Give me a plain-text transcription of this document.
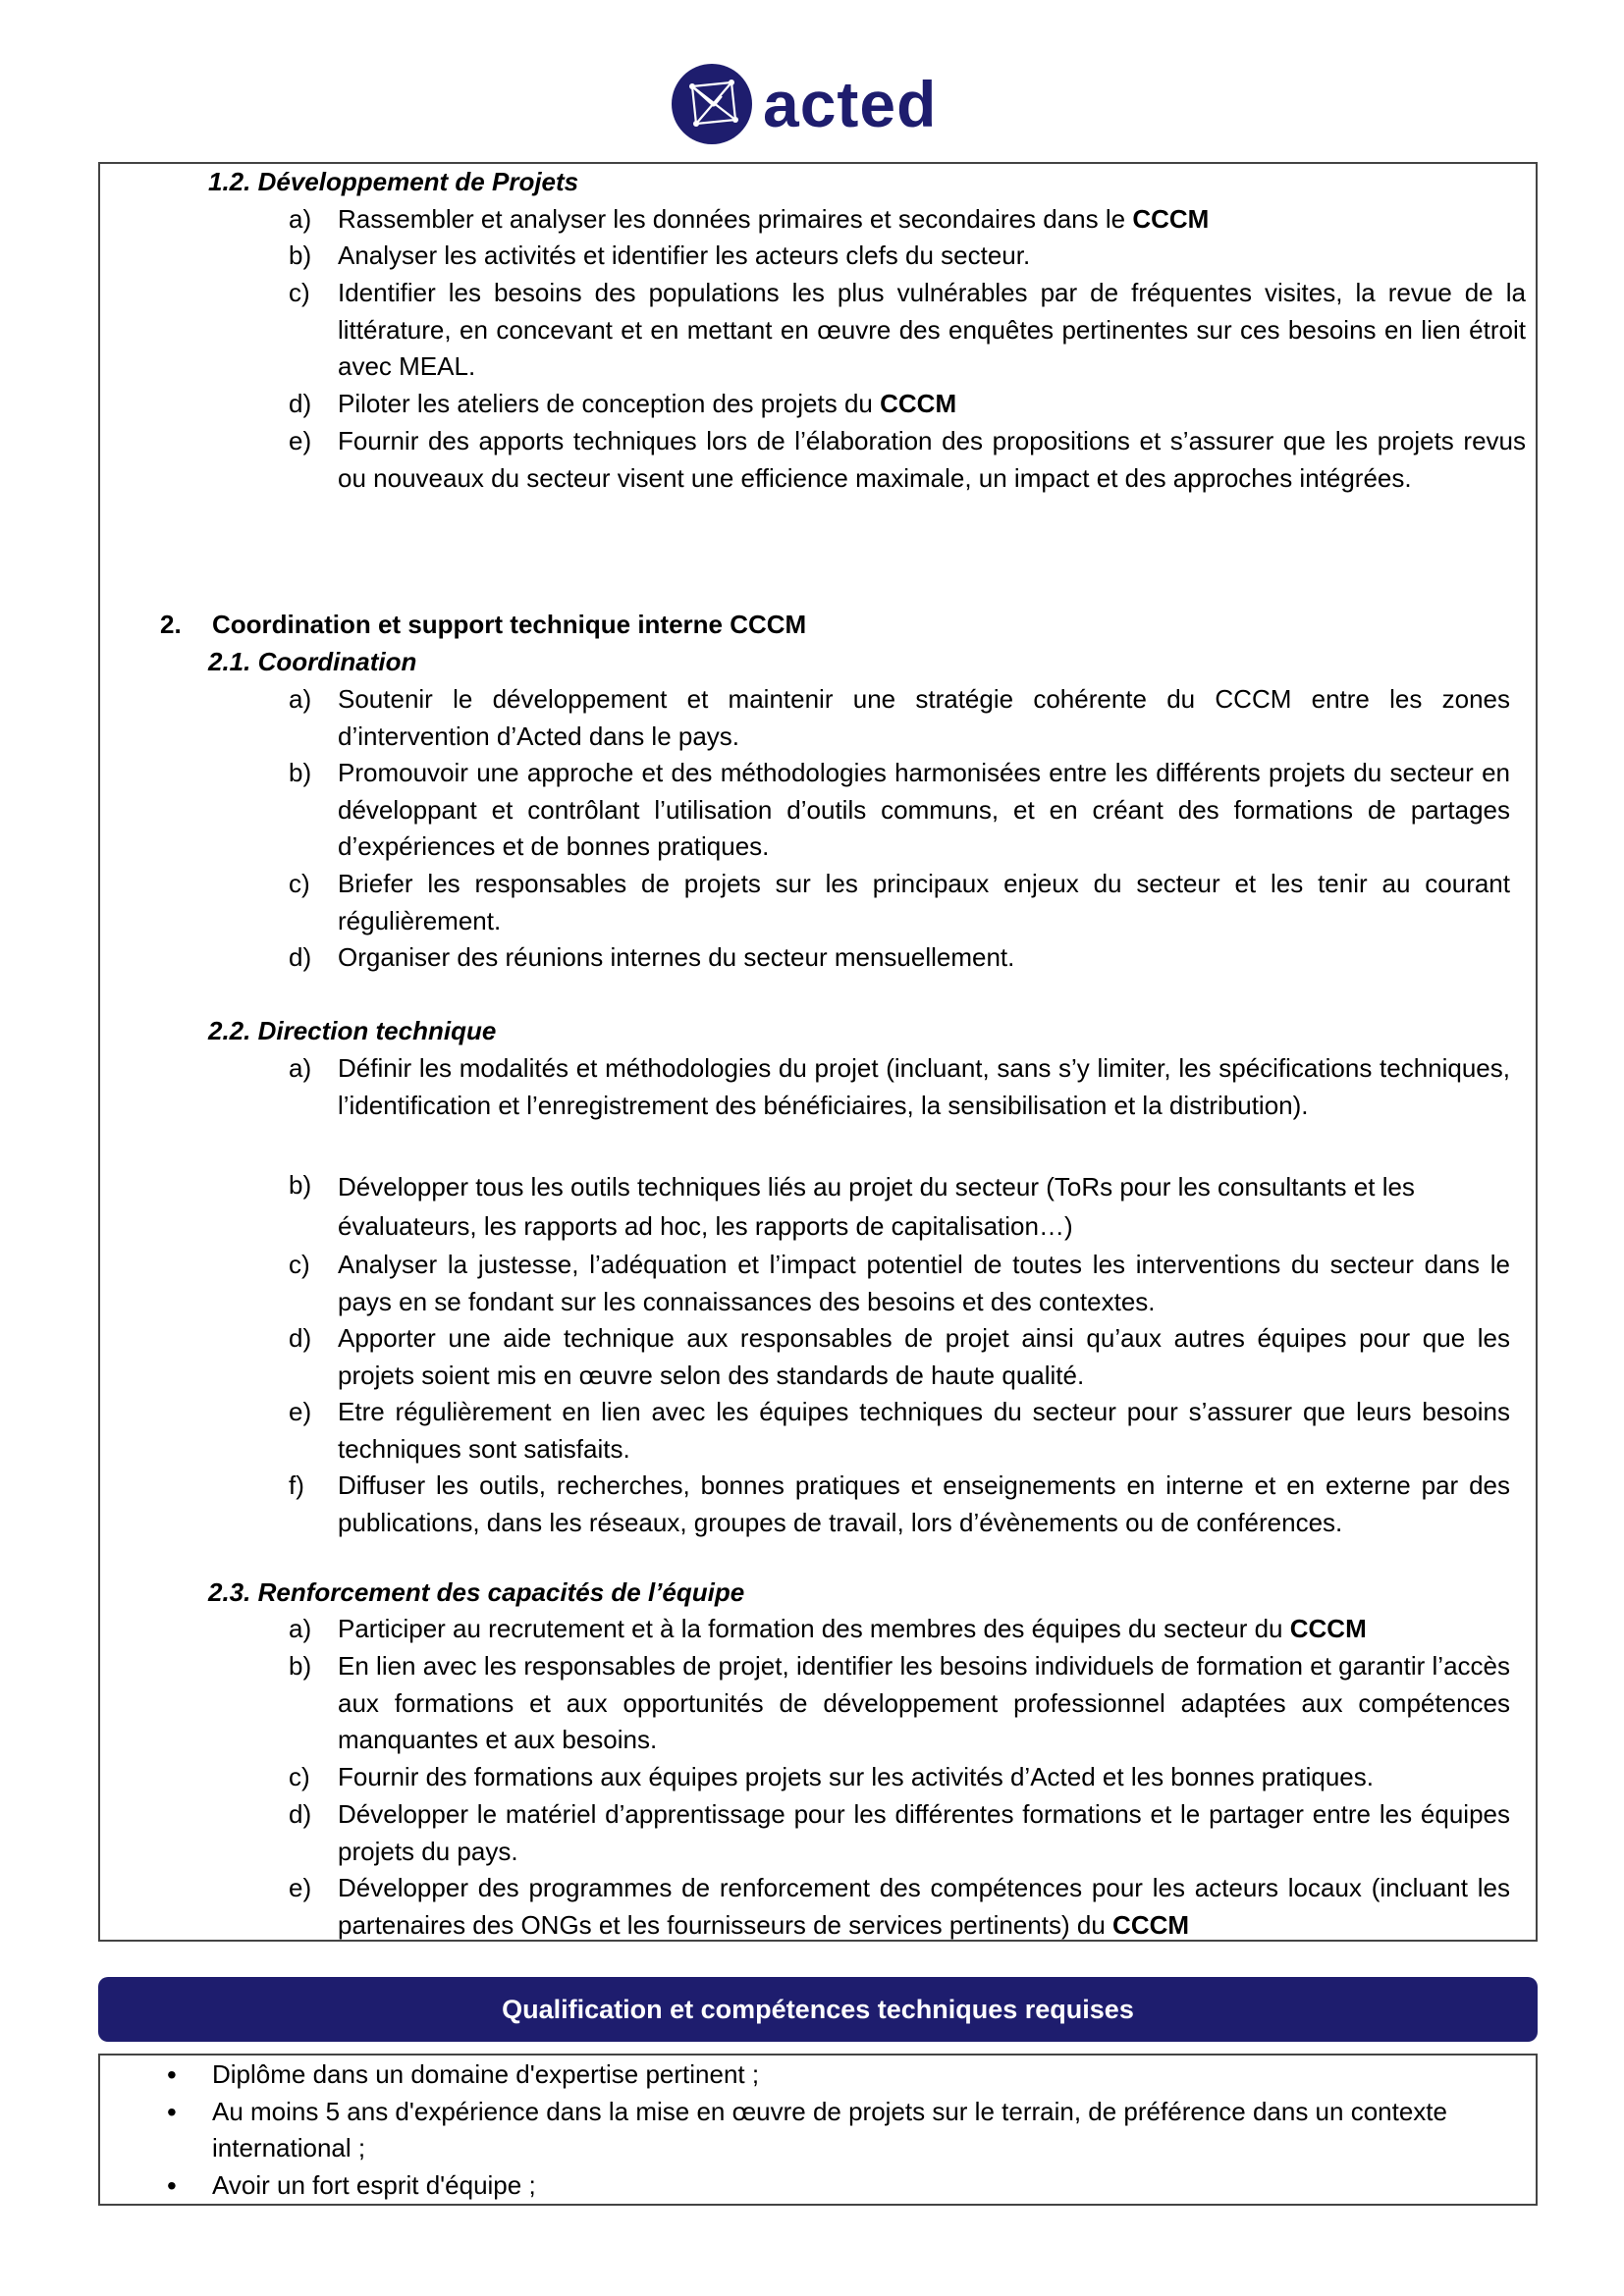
acted
1.2. Développement de Projets
a) Rassembler et analyser les données primaires et secondaires dans le CCCM
b) Analyser les activités et identifier les acteurs clefs du secteur.
c) Identifier les besoins des populations les plus vulnérables par de fréquentes visites, la revue de la littérature, en concevant et en mettant en œuvre des enquêtes pertinentes sur ces besoins en lien étroit avec MEAL.
d) Piloter les ateliers de conception des projets du CCCM
e) Fournir des apports techniques lors de l’élaboration des propositions et s’assurer que les projets revus ou nouveaux du secteur visent une efficience maximale, un impact et des approches intégrées.
2. Coordination et support technique interne CCCM
2.1. Coordination
a) Soutenir le développement et maintenir une stratégie cohérente du CCCM entre les zones d’intervention d’Acted dans le pays.
b) Promouvoir une approche et des méthodologies harmonisées entre les différents projets du secteur en développant et contrôlant l’utilisation d’outils communs, et en créant des formations de partages d’expériences et de bonnes pratiques.
c) Briefer les responsables de projets sur les principaux enjeux du secteur et les tenir au courant régulièrement.
d) Organiser des réunions internes du secteur mensuellement.
2.2. Direction technique
a) Définir les modalités et méthodologies du projet (incluant, sans s’y limiter, les spécifications techniques, l’identification et l’enregistrement des bénéficiaires, la sensibilisation et la distribution).
b) Développer tous les outils techniques liés au projet du secteur (ToRs pour les consultants et les évaluateurs, les rapports ad hoc, les rapports de capitalisation…)
c) Analyser la justesse, l’adéquation et l’impact potentiel de toutes les interventions du secteur dans le pays en se fondant sur les connaissances des besoins et des contextes.
d) Apporter une aide technique aux responsables de projet ainsi qu’aux autres équipes pour que les projets soient mis en œuvre selon des standards de haute qualité.
e) Etre régulièrement en lien avec les équipes techniques du secteur pour s’assurer que leurs besoins techniques sont satisfaits.
f) Diffuser les outils, recherches, bonnes pratiques et enseignements en interne et en externe par des publications, dans les réseaux, groupes de travail, lors d’évènements ou de conférences.
2.3. Renforcement des capacités de l’équipe
a) Participer au recrutement et à la formation des membres des équipes du secteur du CCCM
b) En lien avec les responsables de projet, identifier les besoins individuels de formation et garantir l’accès aux formations et aux opportunités de développement professionnel adaptées aux compétences manquantes et aux besoins.
c) Fournir des formations aux équipes projets sur les activités d’Acted et les bonnes pratiques.
d) Développer le matériel d’apprentissage pour les différentes formations et le partager entre les équipes projets du pays.
e) Développer des programmes de renforcement des compétences pour les acteurs locaux (incluant les partenaires des ONGs et les fournisseurs de services pertinents) du CCCM
Qualification et compétences techniques requises
• Diplôme dans un domaine d'expertise pertinent ;
• Au moins 5 ans d'expérience dans la mise en œuvre de projets sur le terrain, de préférence dans un contexte international ;
• Avoir un fort esprit d'équipe ;
